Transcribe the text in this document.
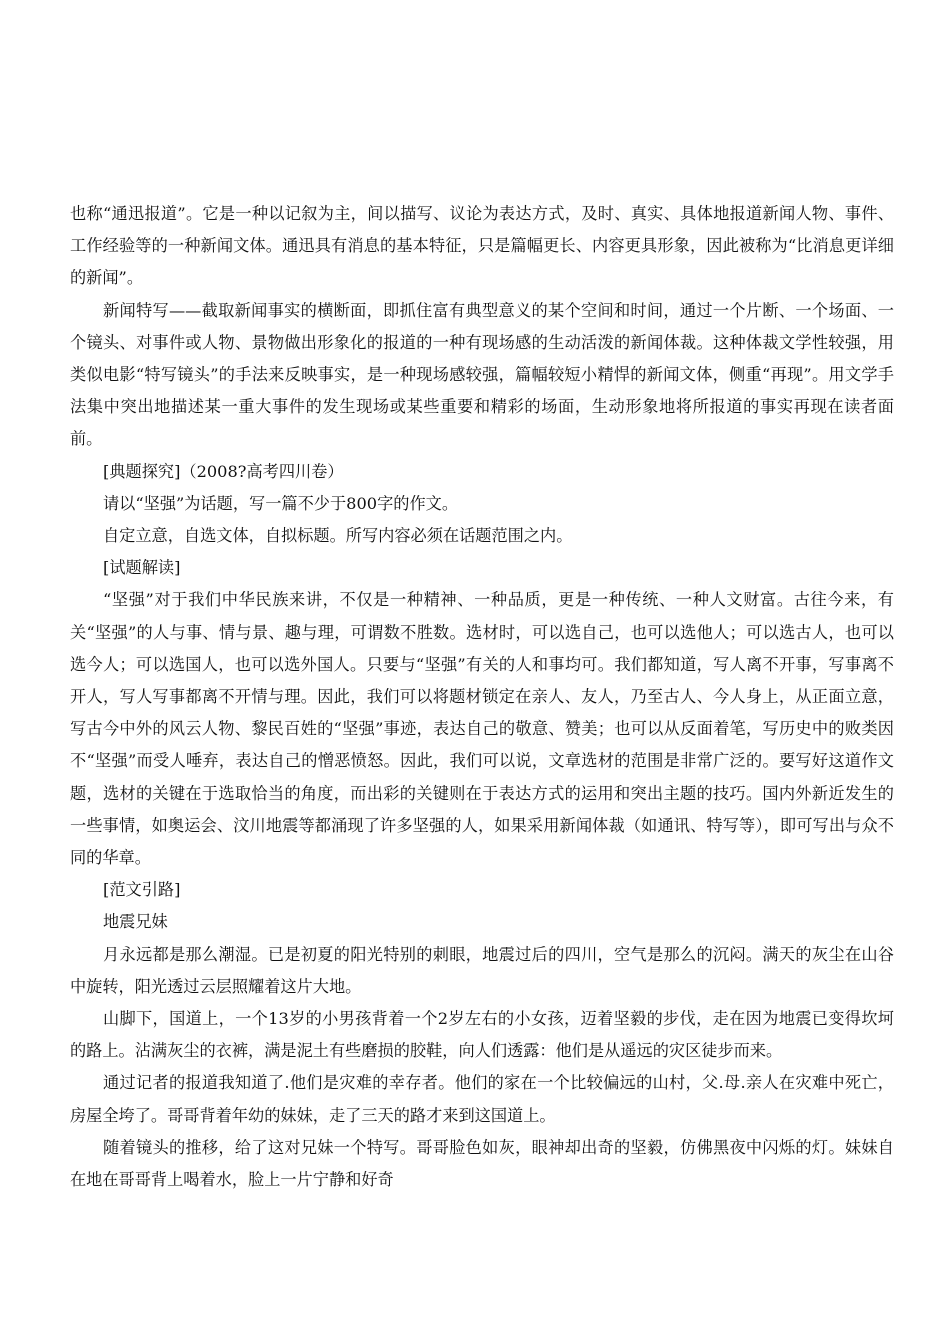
也称“通迅报道”。它是一种以记叙为主，间以描写、议论为表达方式，及时、真实、具体地报道新闻人物、事件、工作经验等的一种新闻文体。通迅具有消息的基本特征，只是篇幅更长、内容更具形象，因此被称为“比消息更详细的新闻”。

新闻特写——截取新闻事实的横断面，即抓住富有典型意义的某个空间和时间，通过一个片断、一个场面、一个镜头、对事件或人物、景物做出形象化的报道的一种有现场感的生动活泼的新闻体裁。这种体裁文学性较强，用类似电影“特写镜头”的手法来反映事实，是一种现场感较强，篇幅较短小精悍的新闻文体，侧重“再现”。用文学手法集中突出地描述某一重大事件的发生现场或某些重要和精彩的场面，生动形象地将所报道的事实再现在读者面前。

[典题探究]（2008?高考四川卷）

请以“坚强”为话题，写一篇不少于800字的作文。

自定立意，自选文体，自拟标题。所写内容必须在话题范围之内。

[试题解读]

“坚强”对于我们中华民族来讲，不仅是一种精神、一种品质，更是一种传统、一种人文财富。古往今来，有关“坚强”的人与事、情与景、趣与理，可谓数不胜数。选材时，可以选自己，也可以选他人；可以选古人，也可以选今人；可以选国人，也可以选外国人。只要与“坚强”有关的人和事均可。我们都知道，写人离不开事，写事离不开人，写人写事都离不开情与理。因此，我们可以将题材锁定在亲人、友人，乃至古人、今人身上，从正面立意，写古今中外的风云人物、黎民百姓的“坚强”事迹，表达自己的敬意、赞美；也可以从反面着笔，写历史中的败类因不“坚强”而受人唾弃，表达自己的憎恶愤怒。因此，我们可以说，文章选材的范围是非常广泛的。要写好这道作文题，选材的关键在于选取恰当的角度，而出彩的关键则在于表达方式的运用和突出主题的技巧。国内外新近发生的一些事情，如奥运会、汶川地震等都涌现了许多坚强的人，如果采用新闻体裁（如通讯、特写等），即可写出与众不同的华章。

[范文引路]

地震兄妹

月永远都是那么潮湿。已是初夏的阳光特别的刺眼，地震过后的四川，空气是那么的沉闷。满天的灰尘在山谷中旋转，阳光透过云层照耀着这片大地。

山脚下，国道上，一个13岁的小男孩背着一个2岁左右的小女孩，迈着坚毅的步伐，走在因为地震已变得坎坷的路上。沾满灰尘的衣裤，满是泥土有些磨损的胶鞋，向人们透露：他们是从遥远的灾区徒步而来。

通过记者的报道我知道了.他们是灾难的幸存者。他们的家在一个比较偏远的山村，父.母.亲人在灾难中死亡，房屋全垮了。哥哥背着年幼的妹妹，走了三天的路才来到这国道上。

随着镜头的推移，给了这对兄妹一个特写。哥哥脸色如灰，眼神却出奇的坚毅，仿佛黑夜中闪烁的灯。妹妹自在地在哥哥背上喝着水，脸上一片宁静和好奇
